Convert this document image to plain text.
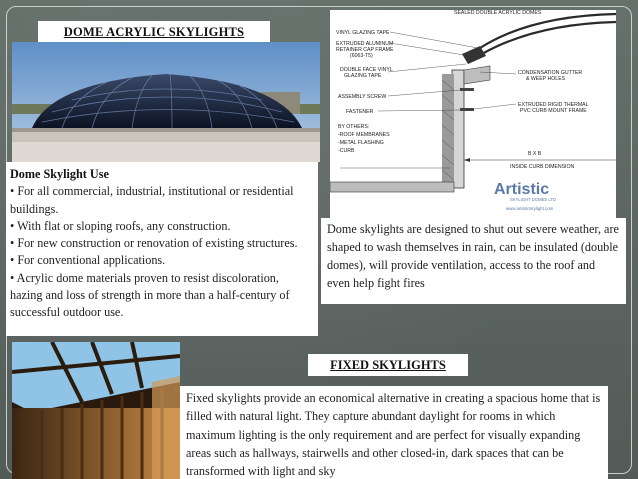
DOME ACRYLIC SKYLIGHTS
Dome Skylight Use
• For all commercial, industrial, institutional or residential buildings.
• With flat or sloping roofs, any construction.
• For new construction or renovation of existing structures.
• For conventional applications.
• Acrylic dome materials proven to resist discoloration, hazing and loss of strength in more than a half-century of successful outdoor use.
SEALED DOUBLE ACRYLIC DOMES
VINYL GLAZING TAPE
EXTRUDED ALUMINUM
RETAINER CAP FRAME
(6063-T5)
DOUBLE FACE VINYL
GLAZING TAPE
ASSEMBLY SCREW
FASTENER
BY OTHERS:
-ROOF MEMBRANES
-METAL FLASHING
-CURB
CONDENSATION GUTTER
& WEEP HOLES
EXTRUDED RIGID THERMAL
PVC CURB MOUNT FRAME
B X B
INSIDE CURB DIMENSION
Artistic
SKYLIGHT DOMES LTD
www.artisticskylight.com
Dome skylights are designed to shut out severe weather, are shaped to wash themselves in rain, can be insulated (double domes), will provide ventilation, access to the roof and even help fight fires
FIXED SKYLIGHTS
Fixed skylights provide an economical alternative in creating a spacious home that is filled with natural light. They capture abundant daylight for rooms in which maximum lighting is the only requirement and are perfect for visually expanding areas such as hallways, stairwells and other closed-in, dark spaces that can be transformed with light and sky
